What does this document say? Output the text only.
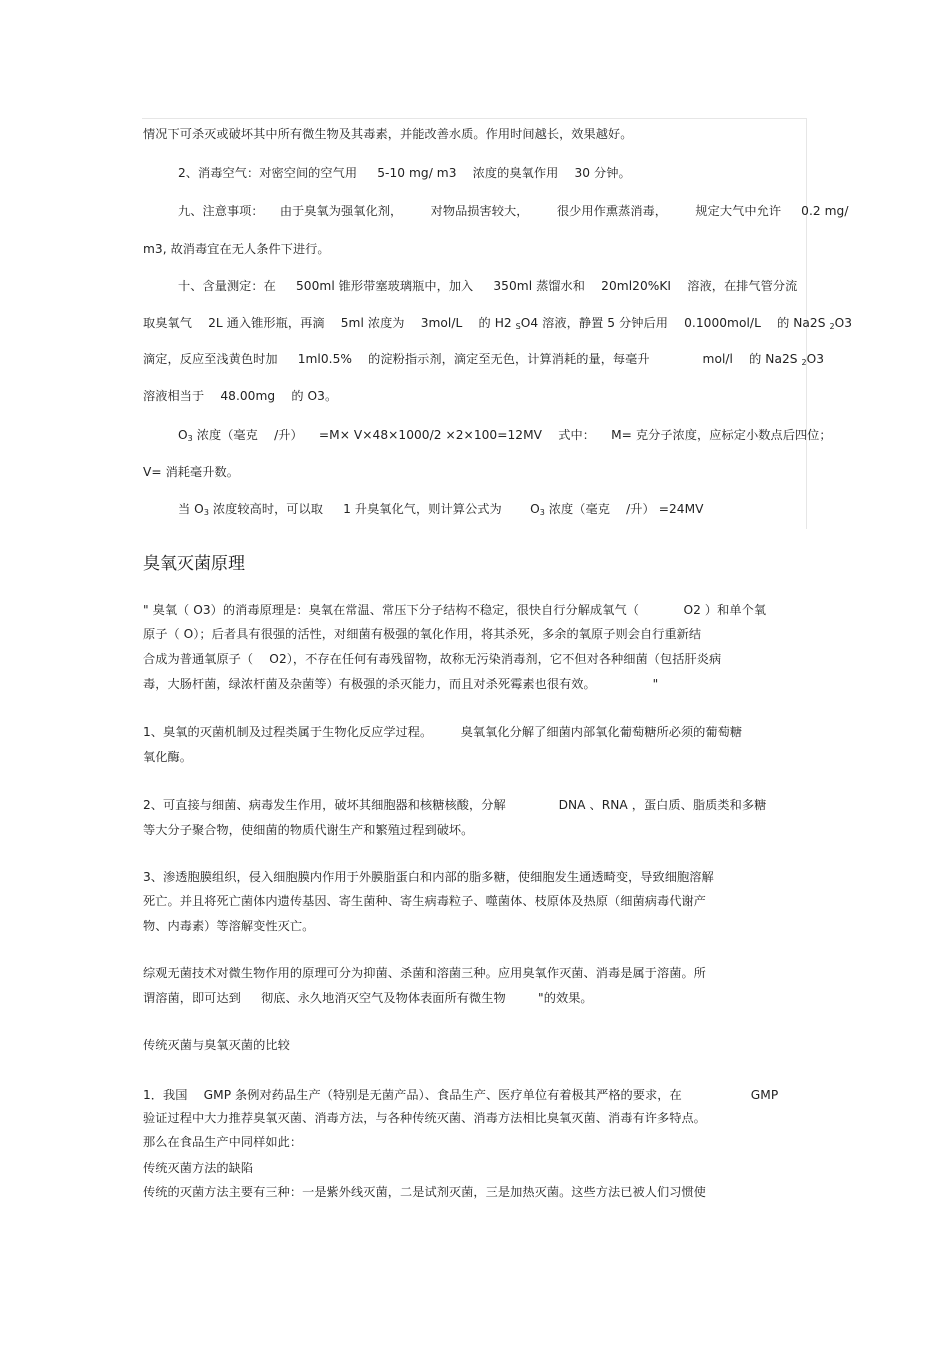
情况下可杀灭或破坏其中所有微生物及其毒素，并能改善水质。作用时间越长，效果越好。
2、消毒空气：对密空间的空气用 　 5-10 mg/ m3 　浓度的臭氧作用 　30 分钟。
九、注意事项： 　由于臭氧为强氧化剂， 　　对物品损害较大， 　　很少用作熏蒸消毒， 　　规定大气中允许 　 0.2 mg/
m3, 故消毒宜在无人条件下进行。
十、含量测定：在 　 500ml 锥形带塞玻璃瓶中，加入 　 350ml 蒸馏水和 　20ml20%KI 　溶液，在排气管分流
取臭氧气 　2L 通入锥形瓶，再滴 　5ml 浓度为 　3mol/L 　的 H2 $_S$O4 溶液，静置 5 分钟后用 　0.1000mol/L 　的 Na2S $_2$O3
滴定，反应至浅黄色时加 　 1ml0.5% 　的淀粉指示剂，滴定至无色，计算消耗的量，每毫升 　　　　mol/l 　的 Na2S $_2$O3
溶液相当于 　48.00mg 　的 O3。
$O_3$ 浓度（毫克 　/升） 　=M× V×48×1000/2 ×2×100=12MV 　式中： 　M= 克分子浓度，应标定小数点后四位；
V= 消耗毫升数。
当 $O_3$ 浓度较高时，可以取 　 1 升臭氧化气，则计算公式为 　　$O_3$ 浓度（毫克 　/升） =24MV
臭氧灭菌原理
" 臭氧（ O3）的消毒原理是：臭氧在常温、常压下分子结构不稳定，很快自行分解成氧气（ 　　　 O2 ）和单个氧
原子（ O）；后者具有很强的活性，对细菌有极强的氧化作用，将其杀死，多余的氧原子则会自行重新结
合成为普通氧原子（ 　O2），不存在任何有毒残留物，故称无污染消毒剂，它不但对各种细菌（包括肝炎病
毒，大肠杆菌，绿浓杆菌及杂菌等）有极强的杀灭能力，而且对杀死霉素也很有效。 　　　　 "
1、臭氧的灭菌机制及过程类属于生物化反应学过程。 　　臭氧氧化分解了细菌内部氧化葡萄糖所必须的葡萄糖
氧化酶。
2、可直接与细菌、病毒发生作用，破坏其细胞器和核糖核酸，分解 　　　　DNA 、RNA ，蛋白质、脂质类和多糖
等大分子聚合物，使细菌的物质代谢生产和繁殖过程到破坏。
3、渗透胞膜组织，侵入细胞膜内作用于外膜脂蛋白和内部的脂多糖，使细胞发生通透畸变，导致细胞溶解
死亡。并且将死亡菌体内遗传基因、寄生菌种、寄生病毒粒子、噬菌体、枝原体及热原（细菌病毒代谢产
物、内毒素）等溶解变性灭亡。
综观无菌技术对微生物作用的原理可分为抑菌、杀菌和溶菌三种。应用臭氧作灭菌、消毒是属于溶菌。所
谓溶菌，即可达到 　 彻底、永久地消灭空气及物体表面所有微生物 　　 "的效果。
传统灭菌与臭氧灭菌的比较
1．我国 　GMP 条例对药品生产（特别是无菌产品）、食品生产、医疗单位有着极其严格的要求，在 　　　　　 GMP
验证过程中大力推荐臭氧灭菌、消毒方法，与各种传统灭菌、消毒方法相比臭氧灭菌、消毒有许多特点。
那么在食品生产中同样如此：
传统灭菌方法的缺陷
传统的灭菌方法主要有三种：一是紫外线灭菌，二是试剂灭菌，三是加热灭菌。这些方法已被人们习惯使
